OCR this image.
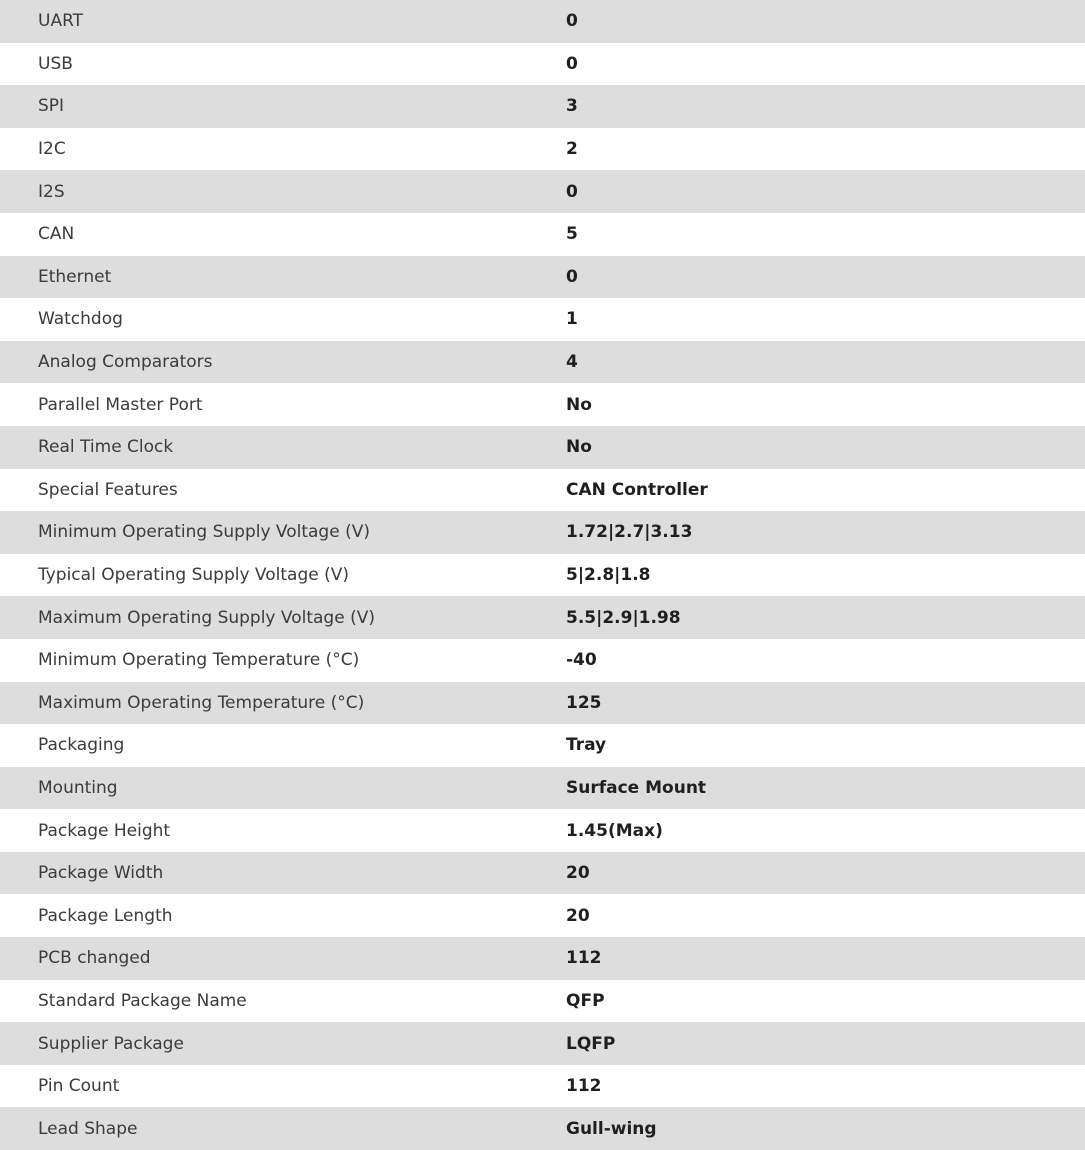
UART	0
USB	0
SPI	3
I2C	2
I2S	0
CAN	5
Ethernet	0
Watchdog	1
Analog Comparators	4
Parallel Master Port	No
Real Time Clock	No
Special Features	CAN Controller
Minimum Operating Supply Voltage (V)	1.72|2.7|3.13
Typical Operating Supply Voltage (V)	5|2.8|1.8
Maximum Operating Supply Voltage (V)	5.5|2.9|1.98
Minimum Operating Temperature (°C)	-40
Maximum Operating Temperature (°C)	125
Packaging	Tray
Mounting	Surface Mount
Package Height	1.45(Max)
Package Width	20
Package Length	20
PCB changed	112
Standard Package Name	QFP
Supplier Package	LQFP
Pin Count	112
Lead Shape	Gull-wing
